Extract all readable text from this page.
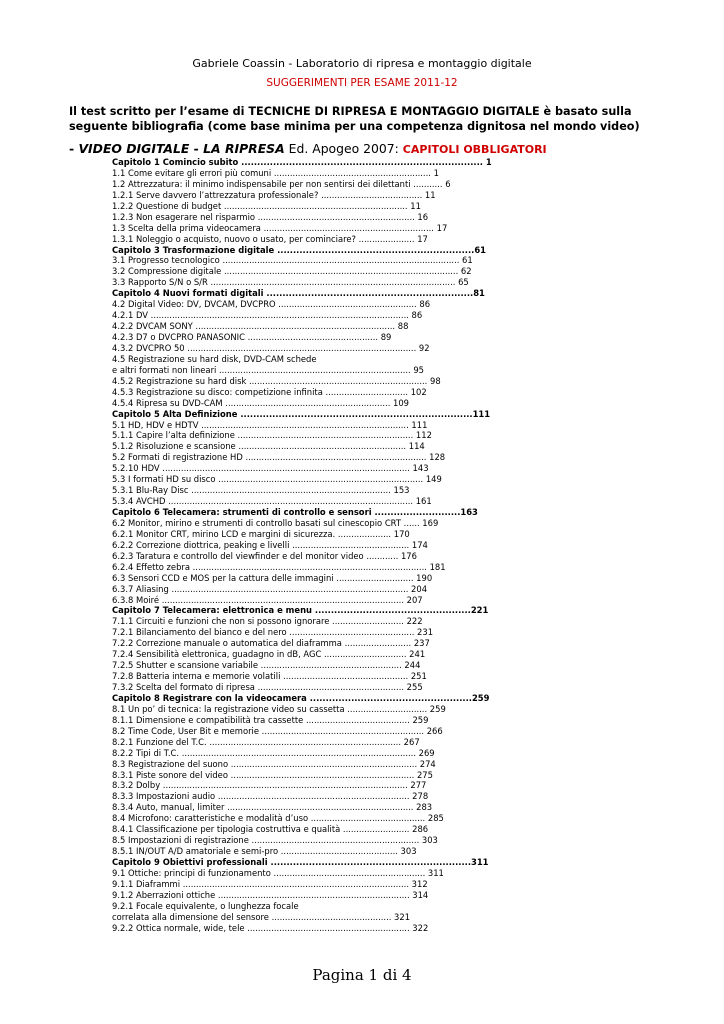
Gabriele Coassin - Laboratorio di ripresa e montaggio digitale
SUGGERIMENTI PER ESAME 2011-12
Il test scritto per l’esame di TECNICHE DI RIPRESA E MONTAGGIO DIGITALE è basato sulla seguente bibliografia (come base minima per una competenza dignitosa nel mondo video)
- VIDEO DIGITALE - LA RIPRESA Ed. Apogeo 2007: CAPITOLI OBBLIGATORI
Capitolo 1 Comincio subito ............................................................................ 1
1.1 Come evitare gli errori più comuni ........................................................... 1
1.2 Attrezzatura: il minimo indispensabile per non sentirsi dei dilettanti ........... 6
1.2.1 Serve davvero l’attrezzatura professionale? ...................................... 11
1.2.2 Questione di budget ..................................................................... 11
1.2.3 Non esagerare nel risparmio ........................................................... 16
1.3 Scelta della prima videocamera ................................................................ 17
1.3.1 Noleggio o acquisto, nuovo o usato, per cominciare? ..................... 17
Capitolo 3 Trasformazione digitale ..............................................................61
3.1 Progresso tecnologico ......................................................................................... 61
3.2 Compressione digitale ........................................................................................ 62
3.3 Rapporto S/N o S/R ............................................................................................ 65
Capitolo 4 Nuovi formati digitali .................................................................81
4.2 Digital Video: DV, DVCAM, DVCPRO .................................................... 86
4.2.1 DV ................................................................................................. 86
4.2.2 DVCAM SONY ........................................................................... 88
4.2.3 D7 o DVCPRO PANASONIC ................................................. 89
4.3.2 DVCPRO 50 ...................................................................................... 92
4.5 Registrazione su hard disk, DVD-CAM schede
e altri formati non lineari ........................................................................ 95
4.5.2 Registrazione su hard disk ................................................................... 98
4.5.3 Registrazione su disco: competizione infinita ............................... 102
4.5.4 Ripresa su DVD-CAM .............................................................. 109
Capitolo 5 Alta Definizione .........................................................................111
5.1 HD, HDV e HDTV .............................................................................. 111
5.1.1 Capire l’alta definizione .................................................................. 112
5.1.2 Risoluzione e scansione ............................................................... 114
5.2 Formati di registrazione HD .................................................................... 128
5.2.10 HDV ............................................................................................. 143
5.3 I formati HD su disco ............................................................................. 149
5.3.1 Blu-Ray Disc ........................................................................... 153
5.3.4 AVCHD ............................................................................................ 161
Capitolo 6 Telecamera: strumenti di controllo e sensori ...........................163
6.2 Monitor, mirino e strumenti di controllo basati sul cinescopio CRT ...... 169
6.2.1 Monitor CRT, mirino LCD e margini di sicurezza. .................... 170
6.2.2 Correzione diottrica, peaking e livelli ............................................ 174
6.2.3 Taratura e controllo del viewfinder e del monitor video ............ 176
6.2.4 Effetto zebra ........................................................................................ 181
6.3 Sensori CCD e MOS per la cattura delle immagini ............................. 190
6.3.7 Aliasing ......................................................................................... 204
6.3.8 Moiré ........................................................................................... 207
Capitolo 7 Telecamera: elettronica e menu .................................................221
7.1.1 Circuiti e funzioni che non si possono ignorare ........................... 222
7.2.1 Bilanciamento del bianco e del nero ............................................... 231
7.2.2 Correzione manuale o automatica del diaframma ......................... 237
7.2.4 Sensibilità elettronica, guadagno in dB, AGC ............................... 241
7.2.5 Shutter e scansione variabile ..................................................... 244
7.2.8 Batteria interna e memorie volatili ............................................... 251
7.3.2 Scelta del formato di ripresa ....................................................... 255
Capitolo 8 Registrare con la videocamera ...................................................259
8.1 Un po’ di tecnica: la registrazione video su cassetta .............................. 259
8.1.1 Dimensione e compatibilità tra cassette ....................................... 259
8.2 Time Code, User Bit e memorie ............................................................. 266
8.2.1 Funzione del T.C. ........................................................................ 267
8.2.2 Tipi di T.C. ........................................................................................ 269
8.3 Registrazione del suono ...................................................................... 274
8.3.1 Piste sonore del video ..................................................................... 275
8.3.2 Dolby ............................................................................................ 277
8.3.3 Impostazioni audio ........................................................................ 278
8.3.4 Auto, manual, limiter ...................................................................... 283
8.4 Microfono: caratteristiche e modalità d’uso ........................................... 285
8.4.1 Classificazione per tipologia costruttiva e qualità ......................... 286
8.5 Impostazioni di registrazione ............................................................... 303
8.5.1 IN/OUT A/D amatoriale e semi-pro ............................................ 303
Capitolo 9 Obiettivi professionali ...............................................................311
9.1 Ottiche: principi di funzionamento ......................................................... 311
9.1.1 Diaframmi ..................................................................................... 312
9.1.2 Aberrazioni ottiche ........................................................................ 314
9.2.1 Focale equivalente, o lunghezza focale
correlata alla dimensione del sensore ............................................. 321
9.2.2 Ottica normale, wide, tele ............................................................. 322
Pagina 1 di 4
